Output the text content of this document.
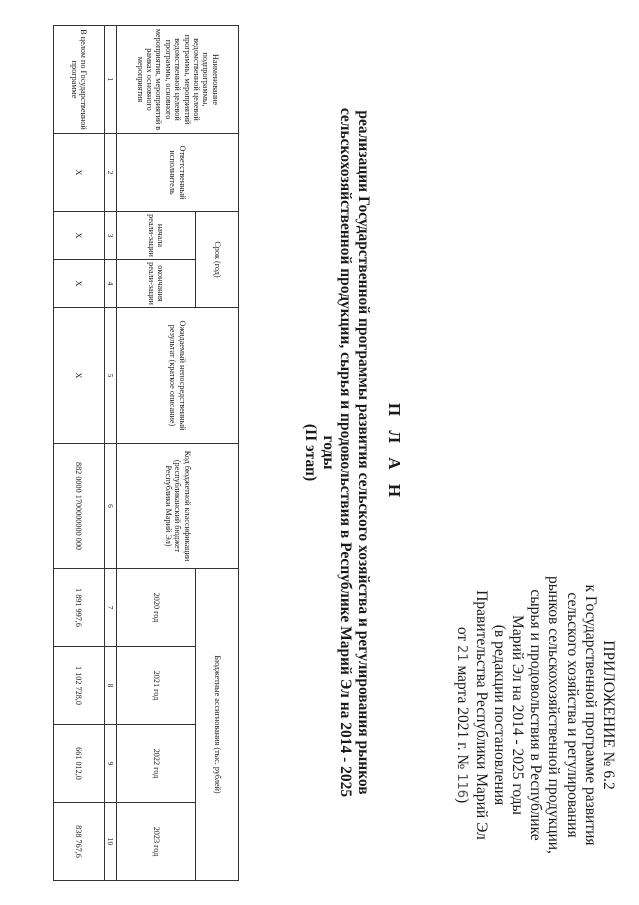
ПРИЛОЖЕНИЕ № 6.2
к Государственной программе развития
сельского хозяйства и регулирования
рынков сельскохозяйственной продукции,
сырья и продовольствия в Республике
Марий Эл на 2014 - 2025 годы
(в редакции постановления
Правительства Республики Марий Эл
от 21 марта 2021 г. № 116)
П Л А Н
реализации Государственной программы развития сельского хозяйства и регулирования рынков
сельскохозяйственной продукции, сырья и продовольствия в Республике Марий Эл на 2014 - 2025 годы
(II этап)
Наименование подпрограммы, ведомственной целевой программы, мероприятий ведомственной целевой программы, основного мероприятия, мероприятий в рамках основного мероприятия	Ответственный исполнитель	Срок (год)		Ожидаемый непосредственный результат (краткое описание)	Код бюджетной классификации (республиканский бюджет Республики Марий Эл)	Бюджетные ассигнования (тыс. рублей)			
		начала реали-зации	окончания реали-зации			2020 год	2021 год	2022 год	2023 год
1	2	3	4	5	6	7	8	9	10
В целом по Государственной программе	Х	Х	Х	Х	882 0000 1700000000 000	1 891 997,6	1 102 728,0	661 012,0	838 767,6
